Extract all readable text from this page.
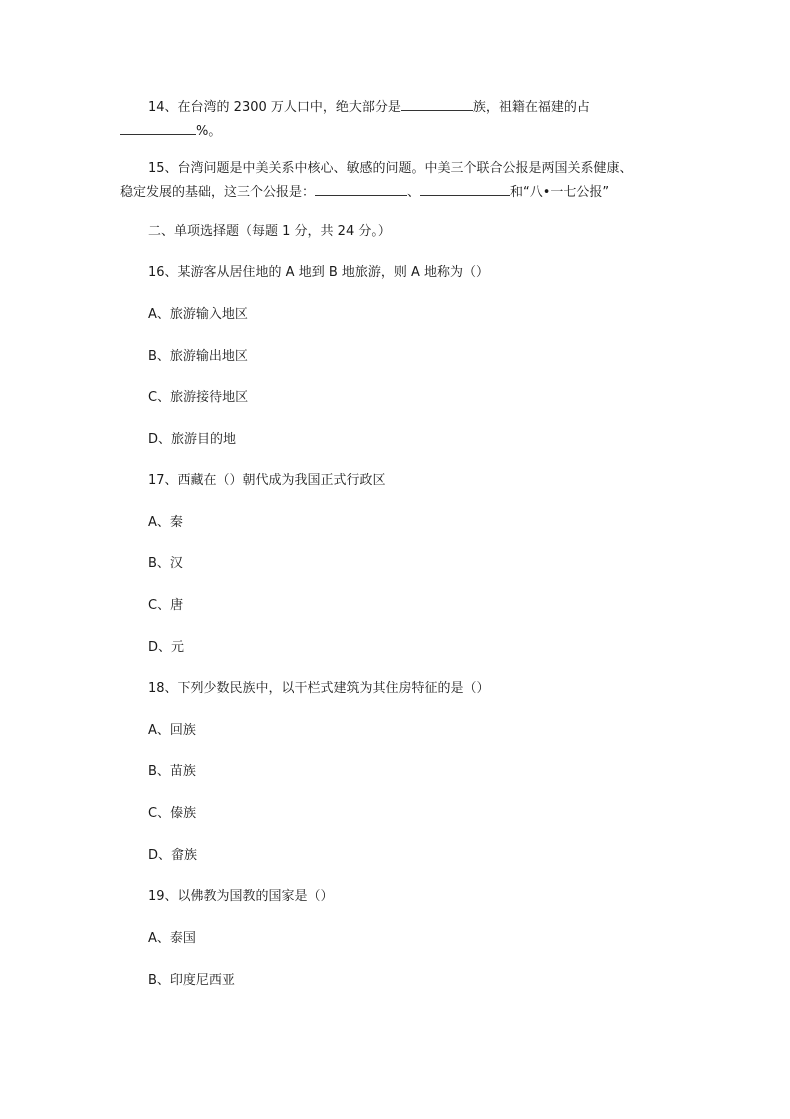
14、在台湾的 2300 万人口中，绝大部分是	族，祖籍在福建的占
%。
15、台湾问题是中美关系中核心、敏感的问题。中美三个联合公报是两国关系健康、
稳定发展的基础，这三个公报是：	、	和“八•一七公报”
二、单项选择题（每题 1 分，共 24 分。）
16、某游客从居住地的 A 地到 B 地旅游，则 A 地称为（）
A、旅游输入地区
B、旅游输出地区
C、旅游接待地区
D、旅游目的地
17、西藏在（）朝代成为我国正式行政区
A、秦
B、汉
C、唐
D、元
18、下列少数民族中，以干栏式建筑为其住房特征的是（）
A、回族
B、苗族
C、傣族
D、畲族
19、以佛教为国教的国家是（）
A、泰国
B、印度尼西亚
